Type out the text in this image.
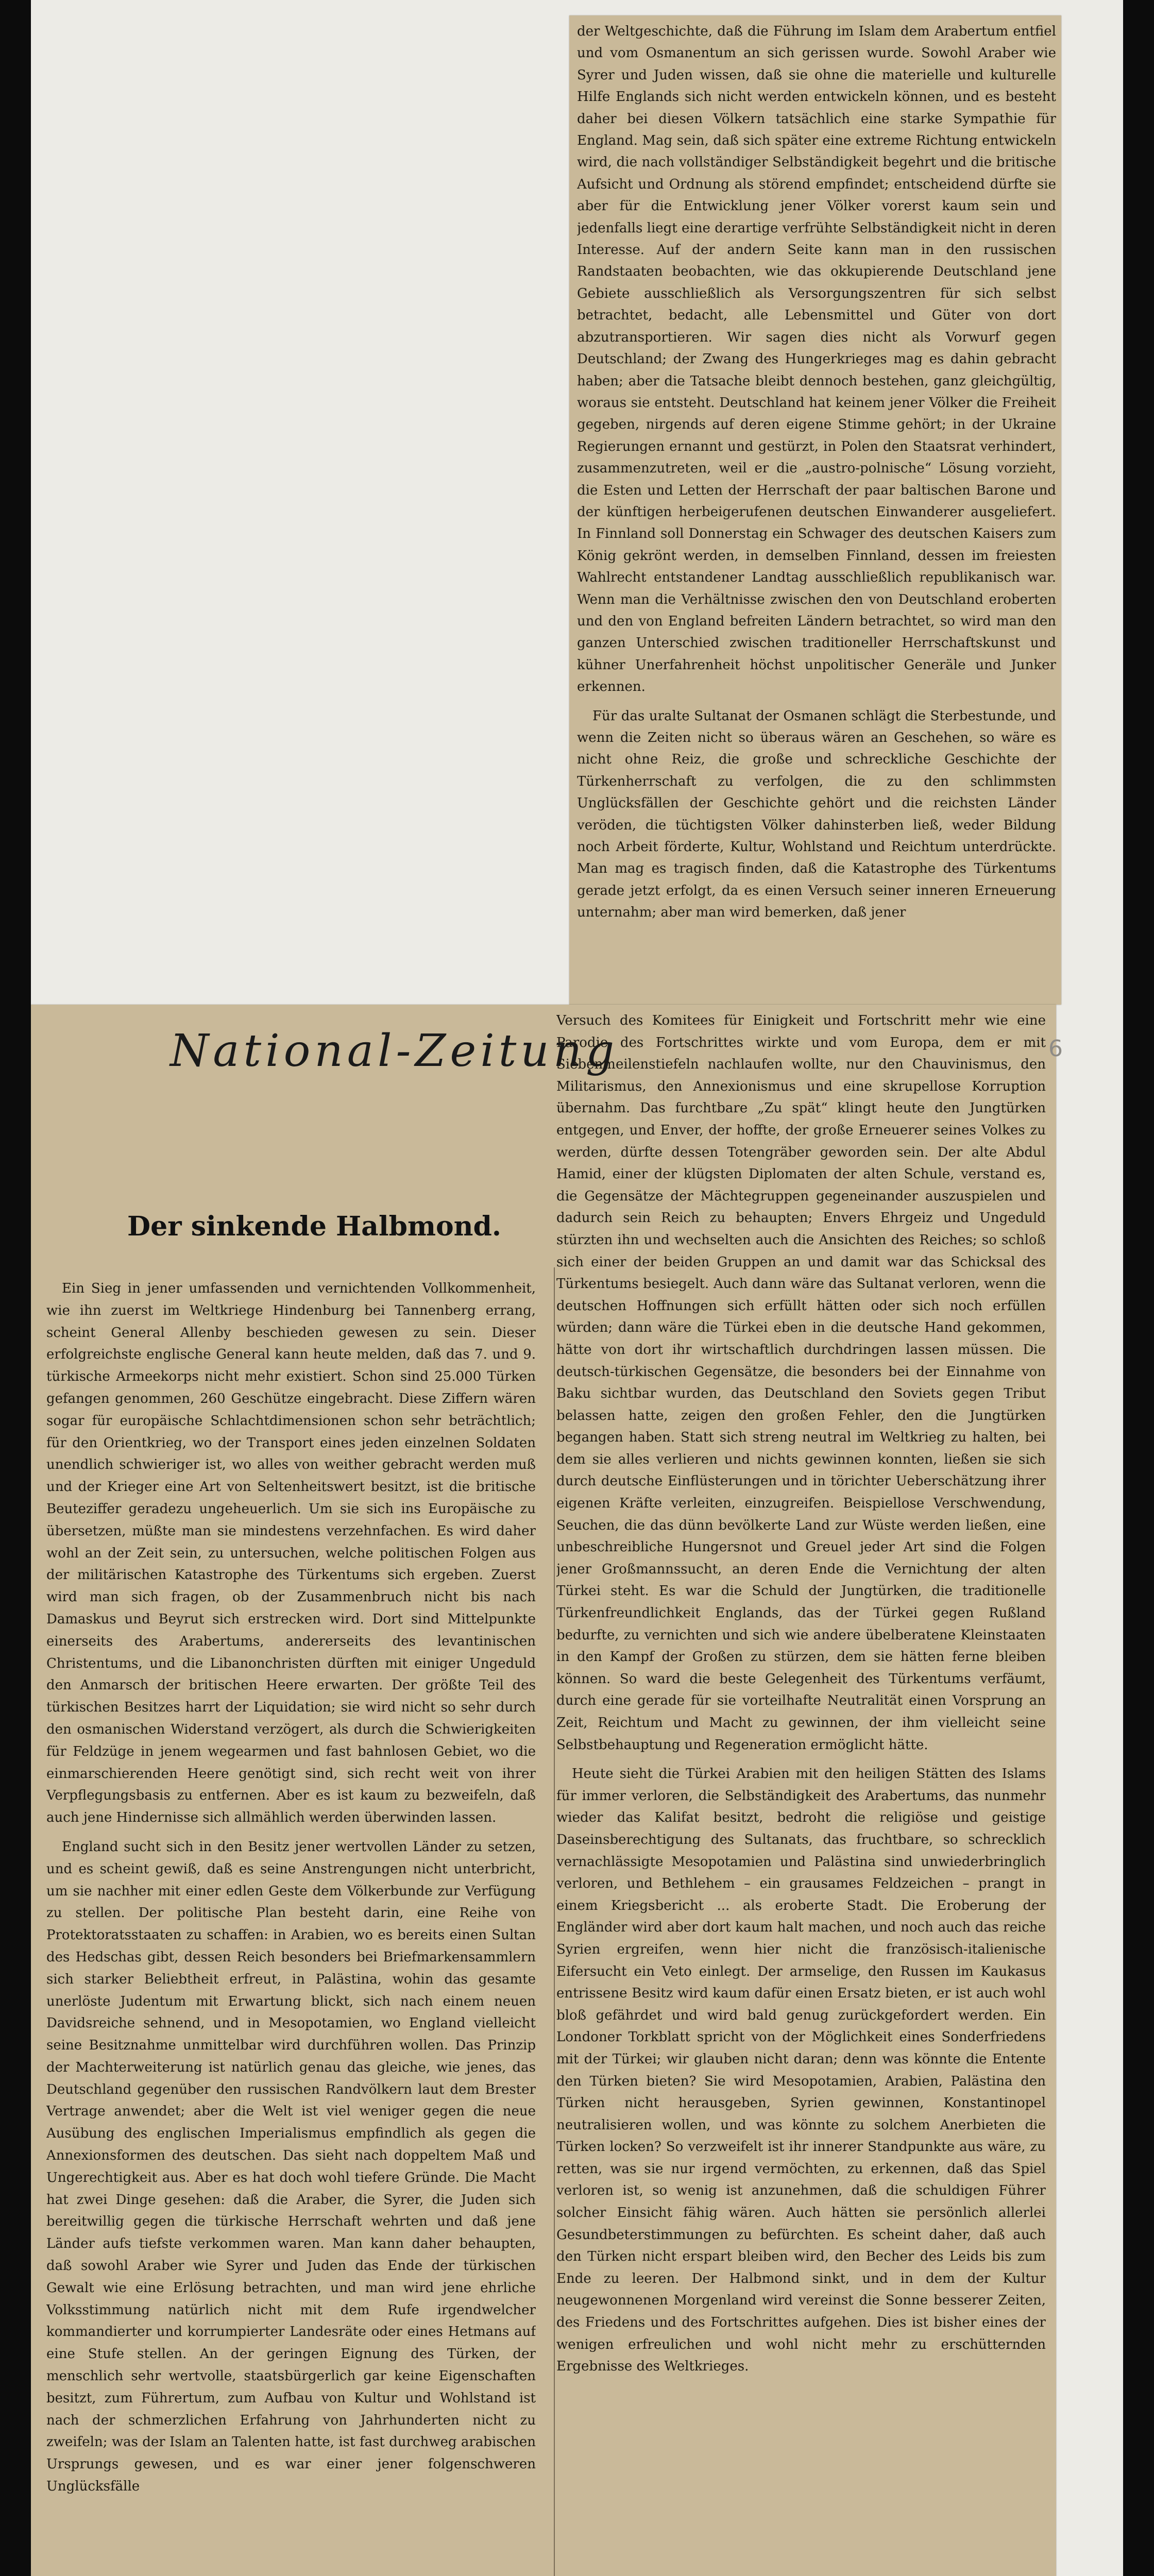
National-Zeitung	6
Der sinkende Halbmond.

Ein Sieg in jener umfassenden und vernichtenden Vollkommenheit, wie ihn zuerst im Weltkriege Hindenburg bei Tannenberg errang, scheint General Allenby beschieden gewesen zu sein. Dieser erfolgreichste englische General kann heute melden, daß das 7. und 9. türkische Armeekorps nicht mehr existiert. Schon sind 25.000 Türken gefangen genommen, 260 Geschütze eingebracht. Diese Ziffern wären sogar für europäische Schlachtdimensionen schon sehr beträchtlich; für den Orientkrieg, wo der Transport eines jeden einzelnen Soldaten unendlich schwieriger ist, wo alles von weither gebracht werden muß und der Krieger eine Art von Seltenheitswert besitzt, ist die britische Beuteziffer geradezu ungeheuerlich. Um sie sich ins Europäische zu übersetzen, müßte man sie mindestens verzehnfachen. Es wird daher wohl an der Zeit sein, zu untersuchen, welche politischen Folgen aus der militärischen Katastrophe des Türkentums sich ergeben. Zuerst wird man sich fragen, ob der Zusammenbruch nicht bis nach Damaskus und Beyrut sich erstrecken wird. Dort sind Mittelpunkte einerseits des Arabertums, andererseits des levantinischen Christentums, und die Libanonchristen dürften mit einiger Ungeduld den Anmarsch der britischen Heere erwarten. Der größte Teil des türkischen Besitzes harrt der Liquidation; sie wird nicht so sehr durch den osmanischen Widerstand verzögert, als durch die Schwierigkeiten für Feldzüge in jenem wegearmen und fast bahnlosen Gebiet, wo die einmarschierenden Heere genötigt sind, sich recht weit von ihrer Verpflegungsbasis zu entfernen. Aber es ist kaum zu bezweifeln, daß auch jene Hindernisse sich allmählich werden überwinden lassen.

England sucht sich in den Besitz jener wertvollen Länder zu setzen, und es scheint gewiß, daß es seine Anstrengungen nicht unterbricht, um sie nachher mit einer edlen Geste dem Völkerbunde zur Verfügung zu stellen. Der politische Plan besteht darin, eine Reihe von Protektoratsstaaten zu schaffen: in Arabien, wo es bereits einen Sultan des Hedschas gibt, dessen Reich besonders bei Briefmarkensammlern sich starker Beliebtheit erfreut, in Palästina, wohin das gesamte unerlöste Judentum mit Erwartung blickt, sich nach einem neuen Davidsreiche sehnend, und in Mesopotamien, wo England vielleicht seine Besitznahme unmittelbar wird durchführen wollen. Das Prinzip der Machterweiterung ist natürlich genau das gleiche, wie jenes, das Deutschland gegenüber den russischen Randvölkern laut dem Brester Vertrage anwendet; aber die Welt ist viel weniger gegen die neue Ausübung des englischen Imperialismus empfindlich als gegen die Annexionsformen des deutschen. Das sieht nach doppeltem Maß und Ungerechtigkeit aus. Aber es hat doch wohl tiefere Gründe. Die Macht hat zwei Dinge gesehen: daß die Araber, die Syrer, die Juden sich bereitwillig gegen die türkische Herrschaft wehrten und daß jene Länder aufs tiefste verkommen waren. Man kann daher behaupten, daß sowohl Araber wie Syrer und Juden das Ende der türkischen Gewalt wie eine Erlösung betrachten, und man wird jene ehrliche Volksstimmung natürlich nicht mit dem Rufe irgendwelcher kommandierter und korrumpierter Landesräte oder eines Hetmans auf eine Stufe stellen. An der geringen Eignung des Türken, der menschlich sehr wertvolle, staatsbürgerlich gar keine Eigenschaften besitzt, zum Führertum, zum Aufbau von Kultur und Wohlstand ist nach der schmerzlichen Erfahrung von Jahrhunderten nicht zu zweifeln; was der Islam an Talenten hatte, ist fast durchweg arabischen Ursprungs gewesen, und es war einer jener folgenschweren Unglücksfälle

der Weltgeschichte, daß die Führung im Islam dem Arabertum entfiel und vom Osmanentum an sich gerissen wurde. Sowohl Araber wie Syrer und Juden wissen, daß sie ohne die materielle und kulturelle Hilfe Englands sich nicht werden entwickeln können, und es besteht daher bei diesen Völkern tatsächlich eine starke Sympathie für England. Mag sein, daß sich später eine extreme Richtung entwickeln wird, die nach vollständiger Selbständigkeit begehrt und die britische Aufsicht und Ordnung als störend empfindet; entscheidend dürfte sie aber für die Entwicklung jener Völker vorerst kaum sein und jedenfalls liegt eine derartige verfrühte Selbständigkeit nicht in deren Interesse. Auf der andern Seite kann man in den russischen Randstaaten beobachten, wie das okkupierende Deutschland jene Gebiete ausschließlich als Versorgungszentren für sich selbst betrachtet, bedacht, alle Lebensmittel und Güter von dort abzutransportieren. Wir sagen dies nicht als Vorwurf gegen Deutschland; der Zwang des Hungerkrieges mag es dahin gebracht haben; aber die Tatsache bleibt dennoch bestehen, ganz gleichgültig, woraus sie entsteht. Deutschland hat keinem jener Völker die Freiheit gegeben, nirgends auf deren eigene Stimme gehört; in der Ukraine Regierungen ernannt und gestürzt, in Polen den Staatsrat verhindert, zusammenzutreten, weil er die „austro-polnische“ Lösung vorzieht, die Esten und Letten der Herrschaft der paar baltischen Barone und der künftigen herbeigerufenen deutschen Einwanderer ausgeliefert. In Finnland soll Donnerstag ein Schwager des deutschen Kaisers zum König gekrönt werden, in demselben Finnland, dessen im freiesten Wahlrecht entstandener Landtag ausschließlich republikanisch war. Wenn man die Verhältnisse zwischen den von Deutschland eroberten und den von England befreiten Ländern betrachtet, so wird man den ganzen Unterschied zwischen traditioneller Herrschaftskunst und kühner Unerfahrenheit höchst unpolitischer Generäle und Junker erkennen.

Für das uralte Sultanat der Osmanen schlägt die Sterbestunde, und wenn die Zeiten nicht so überaus wären an Geschehen, so wäre es nicht ohne Reiz, die große und schreckliche Geschichte der Türkenherrschaft zu verfolgen, die zu den schlimmsten Unglücksfällen der Geschichte gehört und die reichsten Länder veröden, die tüchtigsten Völker dahinsterben ließ, weder Bildung noch Arbeit förderte, Kultur, Wohlstand und Reichtum unterdrückte. Man mag es tragisch finden, daß die Katastrophe des Türkentums gerade jetzt erfolgt, da es einen Versuch seiner inneren Erneuerung unternahm; aber man wird bemerken, daß jener

Versuch des Komitees für Einigkeit und Fortschritt mehr wie eine Parodie des Fortschrittes wirkte und vom Europa, dem er mit Siebenmeilenstiefeln nachlaufen wollte, nur den Chauvinismus, den Militarismus, den Annexionismus und eine skrupellose Korruption übernahm. Das furchtbare „Zu spät“ klingt heute den Jungtürken entgegen, und Enver, der hoffte, der große Erneuerer seines Volkes zu werden, dürfte dessen Totengräber geworden sein. Der alte Abdul Hamid, einer der klügsten Diplomaten der alten Schule, verstand es, die Gegensätze der Mächtegruppen gegeneinander auszuspielen und dadurch sein Reich zu behaupten; Envers Ehrgeiz und Ungeduld stürzten ihn und wechselten auch die Ansichten des Reiches; so schloß sich einer der beiden Gruppen an und damit war das Schicksal des Türkentums besiegelt. Auch dann wäre das Sultanat verloren, wenn die deutschen Hoffnungen sich erfüllt hätten oder sich noch erfüllen würden; dann wäre die Türkei eben in die deutsche Hand gekommen, hätte von dort ihr wirtschaftlich durchdringen lassen müssen. Die deutsch-türkischen Gegensätze, die besonders bei der Einnahme von Baku sichtbar wurden, das Deutschland den Soviets gegen Tribut belassen hatte, zeigen den großen Fehler, den die Jungtürken begangen haben. Statt sich streng neutral im Weltkrieg zu halten, bei dem sie alles verlieren und nichts gewinnen konnten, ließen sie sich durch deutsche Einflüsterungen und in törichter Ueberschätzung ihrer eigenen Kräfte verleiten, einzugreifen. Beispiellose Verschwendung, Seuchen, die das dünn bevölkerte Land zur Wüste werden ließen, eine unbeschreibliche Hungersnot und Greuel jeder Art sind die Folgen jener Großmannssucht, an deren Ende die Vernichtung der alten Türkei steht. Es war die Schuld der Jungtürken, die traditionelle Türkenfreundlichkeit Englands, das der Türkei gegen Rußland bedurfte, zu vernichten und sich wie andere übelberatene Kleinstaaten in den Kampf der Großen zu stürzen, dem sie hätten ferne bleiben können. So ward die beste Gelegenheit des Türkentums verfäumt, durch eine gerade für sie vorteilhafte Neutralität einen Vorsprung an Zeit, Reichtum und Macht zu gewinnen, der ihm vielleicht seine Selbstbehauptung und Regeneration ermöglicht hätte.

Heute sieht die Türkei Arabien mit den heiligen Stätten des Islams für immer verloren, die Selbständigkeit des Arabertums, das nunmehr wieder das Kalifat besitzt, bedroht die religiöse und geistige Daseinsberechtigung des Sultanats, das fruchtbare, so schrecklich vernachlässigte Mesopotamien und Palästina sind unwiederbringlich verloren, und Bethlehem – ein grausames Feldzeichen – prangt in einem Kriegsbericht ... als eroberte Stadt. Die Eroberung der Engländer wird aber dort kaum halt machen, und noch auch das reiche Syrien ergreifen, wenn hier nicht die französisch-italienische Eifersucht ein Veto einlegt. Der armselige, den Russen im Kaukasus entrissene Besitz wird kaum dafür einen Ersatz bieten, er ist auch wohl bloß gefährdet und wird bald genug zurückgefordert werden. Ein Londoner Torkblatt spricht von der Möglichkeit eines Sonderfriedens mit der Türkei; wir glauben nicht daran; denn was könnte die Entente den Türken bieten? Sie wird Mesopotamien, Arabien, Palästina den Türken nicht herausgeben, Syrien gewinnen, Konstantinopel neutralisieren wollen, und was könnte zu solchem Anerbieten die Türken locken? So verzweifelt ist ihr innerer Standpunkte aus wäre, zu retten, was sie nur irgend vermöchten, zu erkennen, daß das Spiel verloren ist, so wenig ist anzunehmen, daß die schuldigen Führer solcher Einsicht fähig wären. Auch hätten sie persönlich allerlei Gesundbeterstimmungen zu befürchten. Es scheint daher, daß auch den Türken nicht erspart bleiben wird, den Becher des Leids bis zum Ende zu leeren. Der Halbmond sinkt, und in dem der Kultur neugewonnenen Morgenland wird vereinst die Sonne besserer Zeiten, des Friedens und des Fortschrittes aufgehen. Dies ist bisher eines der wenigen erfreulichen und wohl nicht mehr zu erschütternden Ergebnisse des Weltkrieges.
